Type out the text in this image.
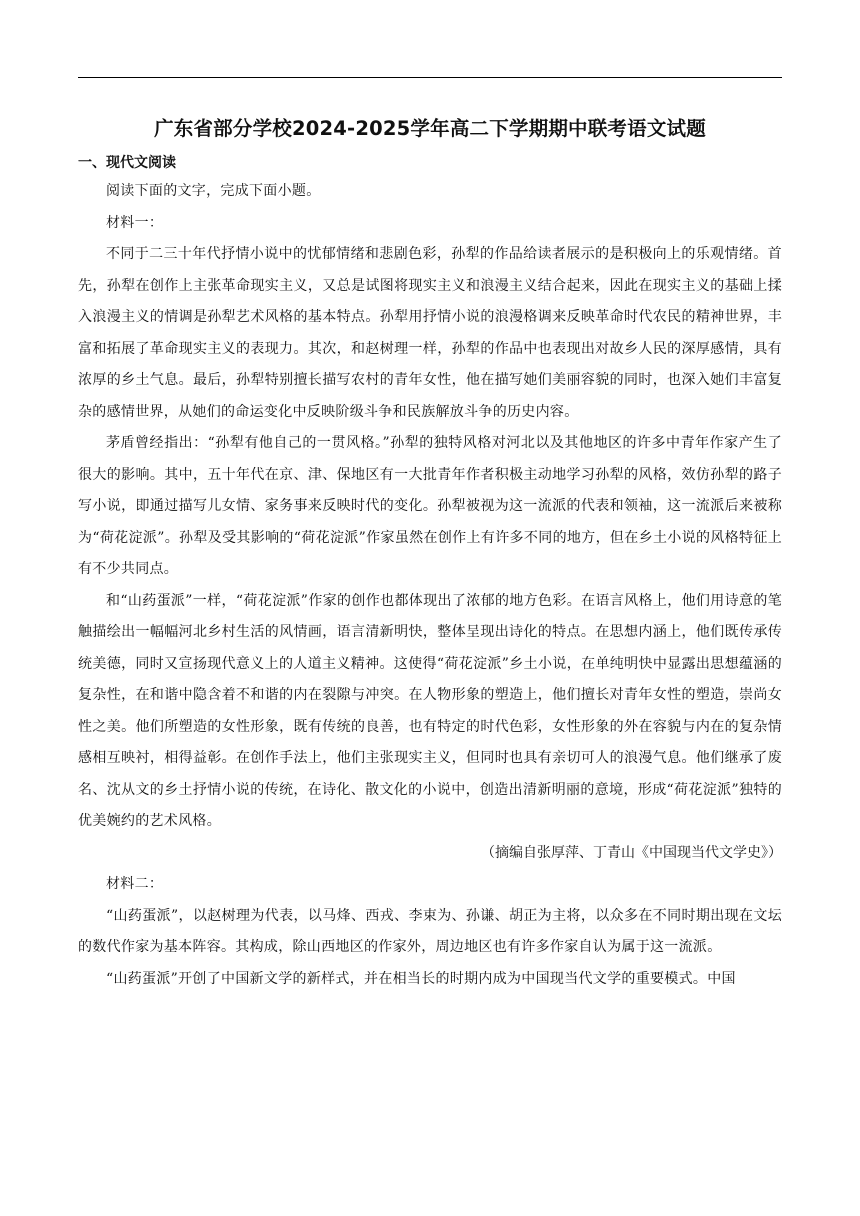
广东省部分学校2024-2025学年高二下学期期中联考语文试题

一、现代文阅读

阅读下面的文字，完成下面小题。

材料一：

不同于二三十年代抒情小说中的忧郁情绪和悲剧色彩，孙犁的作品给读者展示的是积极向上的乐观情绪。首先，孙犁在创作上主张革命现实主义，又总是试图将现实主义和浪漫主义结合起来，因此在现实主义的基础上揉入浪漫主义的情调是孙犁艺术风格的基本特点。孙犁用抒情小说的浪漫格调来反映革命时代农民的精神世界，丰富和拓展了革命现实主义的表现力。其次，和赵树理一样，孙犁的作品中也表现出对故乡人民的深厚感情，具有浓厚的乡土气息。最后，孙犁特别擅长描写农村的青年女性，他在描写她们美丽容貌的同时，也深入她们丰富复杂的感情世界，从她们的命运变化中反映阶级斗争和民族解放斗争的历史内容。

茅盾曾经指出：“孙犁有他自己的一贯风格。”孙犁的独特风格对河北以及其他地区的许多中青年作家产生了很大的影响。其中，五十年代在京、津、保地区有一大批青年作者积极主动地学习孙犁的风格，效仿孙犁的路子写小说，即通过描写儿女情、家务事来反映时代的变化。孙犁被视为这一流派的代表和领袖，这一流派后来被称为“荷花淀派”。孙犁及受其影响的“荷花淀派”作家虽然在创作上有许多不同的地方，但在乡土小说的风格特征上有不少共同点。

和“山药蛋派”一样，“荷花淀派”作家的创作也都体现出了浓郁的地方色彩。在语言风格上，他们用诗意的笔触描绘出一幅幅河北乡村生活的风情画，语言清新明快，整体呈现出诗化的特点。在思想内涵上，他们既传承传统美德，同时又宣扬现代意义上的人道主义精神。这使得“荷花淀派”乡土小说，在单纯明快中显露出思想蕴涵的复杂性，在和谐中隐含着不和谐的内在裂隙与冲突。在人物形象的塑造上，他们擅长对青年女性的塑造，崇尚女性之美。他们所塑造的女性形象，既有传统的良善，也有特定的时代色彩，女性形象的外在容貌与内在的复杂情感相互映衬，相得益彰。在创作手法上，他们主张现实主义，但同时也具有亲切可人的浪漫气息。他们继承了废名、沈从文的乡土抒情小说的传统，在诗化、散文化的小说中，创造出清新明丽的意境，形成“荷花淀派”独特的优美婉约的艺术风格。

（摘编自张厚萍、丁青山《中国现当代文学史》）

材料二：

“山药蛋派”，以赵树理为代表，以马烽、西戎、李束为、孙谦、胡正为主将，以众多在不同时期出现在文坛的数代作家为基本阵容。其构成，除山西地区的作家外，周边地区也有许多作家自认为属于这一流派。

“山药蛋派”开创了中国新文学的新样式，并在相当长的时期内成为中国现当代文学的重要模式。中国
